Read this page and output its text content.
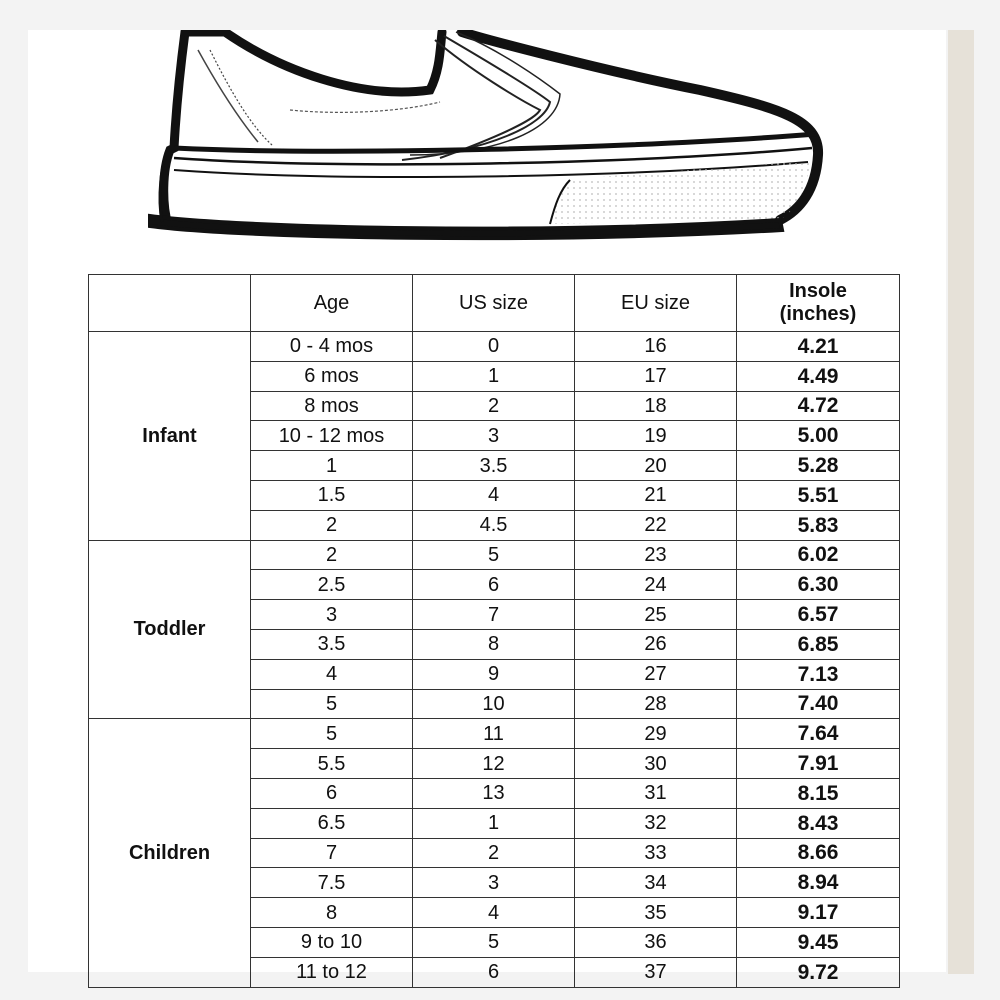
	Age	US size	EU size	Insole
(inches)
Infant	0 - 4 mos	0	16	4.21
	6 mos	1	17	4.49
	8 mos	2	18	4.72
	10 - 12 mos	3	19	5.00
	1	3.5	20	5.28
	1.5	4	21	5.51
	2	4.5	22	5.83
Toddler	2	5	23	6.02
	2.5	6	24	6.30
	3	7	25	6.57
	3.5	8	26	6.85
	4	9	27	7.13
	5	10	28	7.40
Children	5	11	29	7.64
	5.5	12	30	7.91
	6	13	31	8.15
	6.5	1	32	8.43
	7	2	33	8.66
	7.5	3	34	8.94
	8	4	35	9.17
	9 to 10	5	36	9.45
	11 to 12	6	37	9.72
